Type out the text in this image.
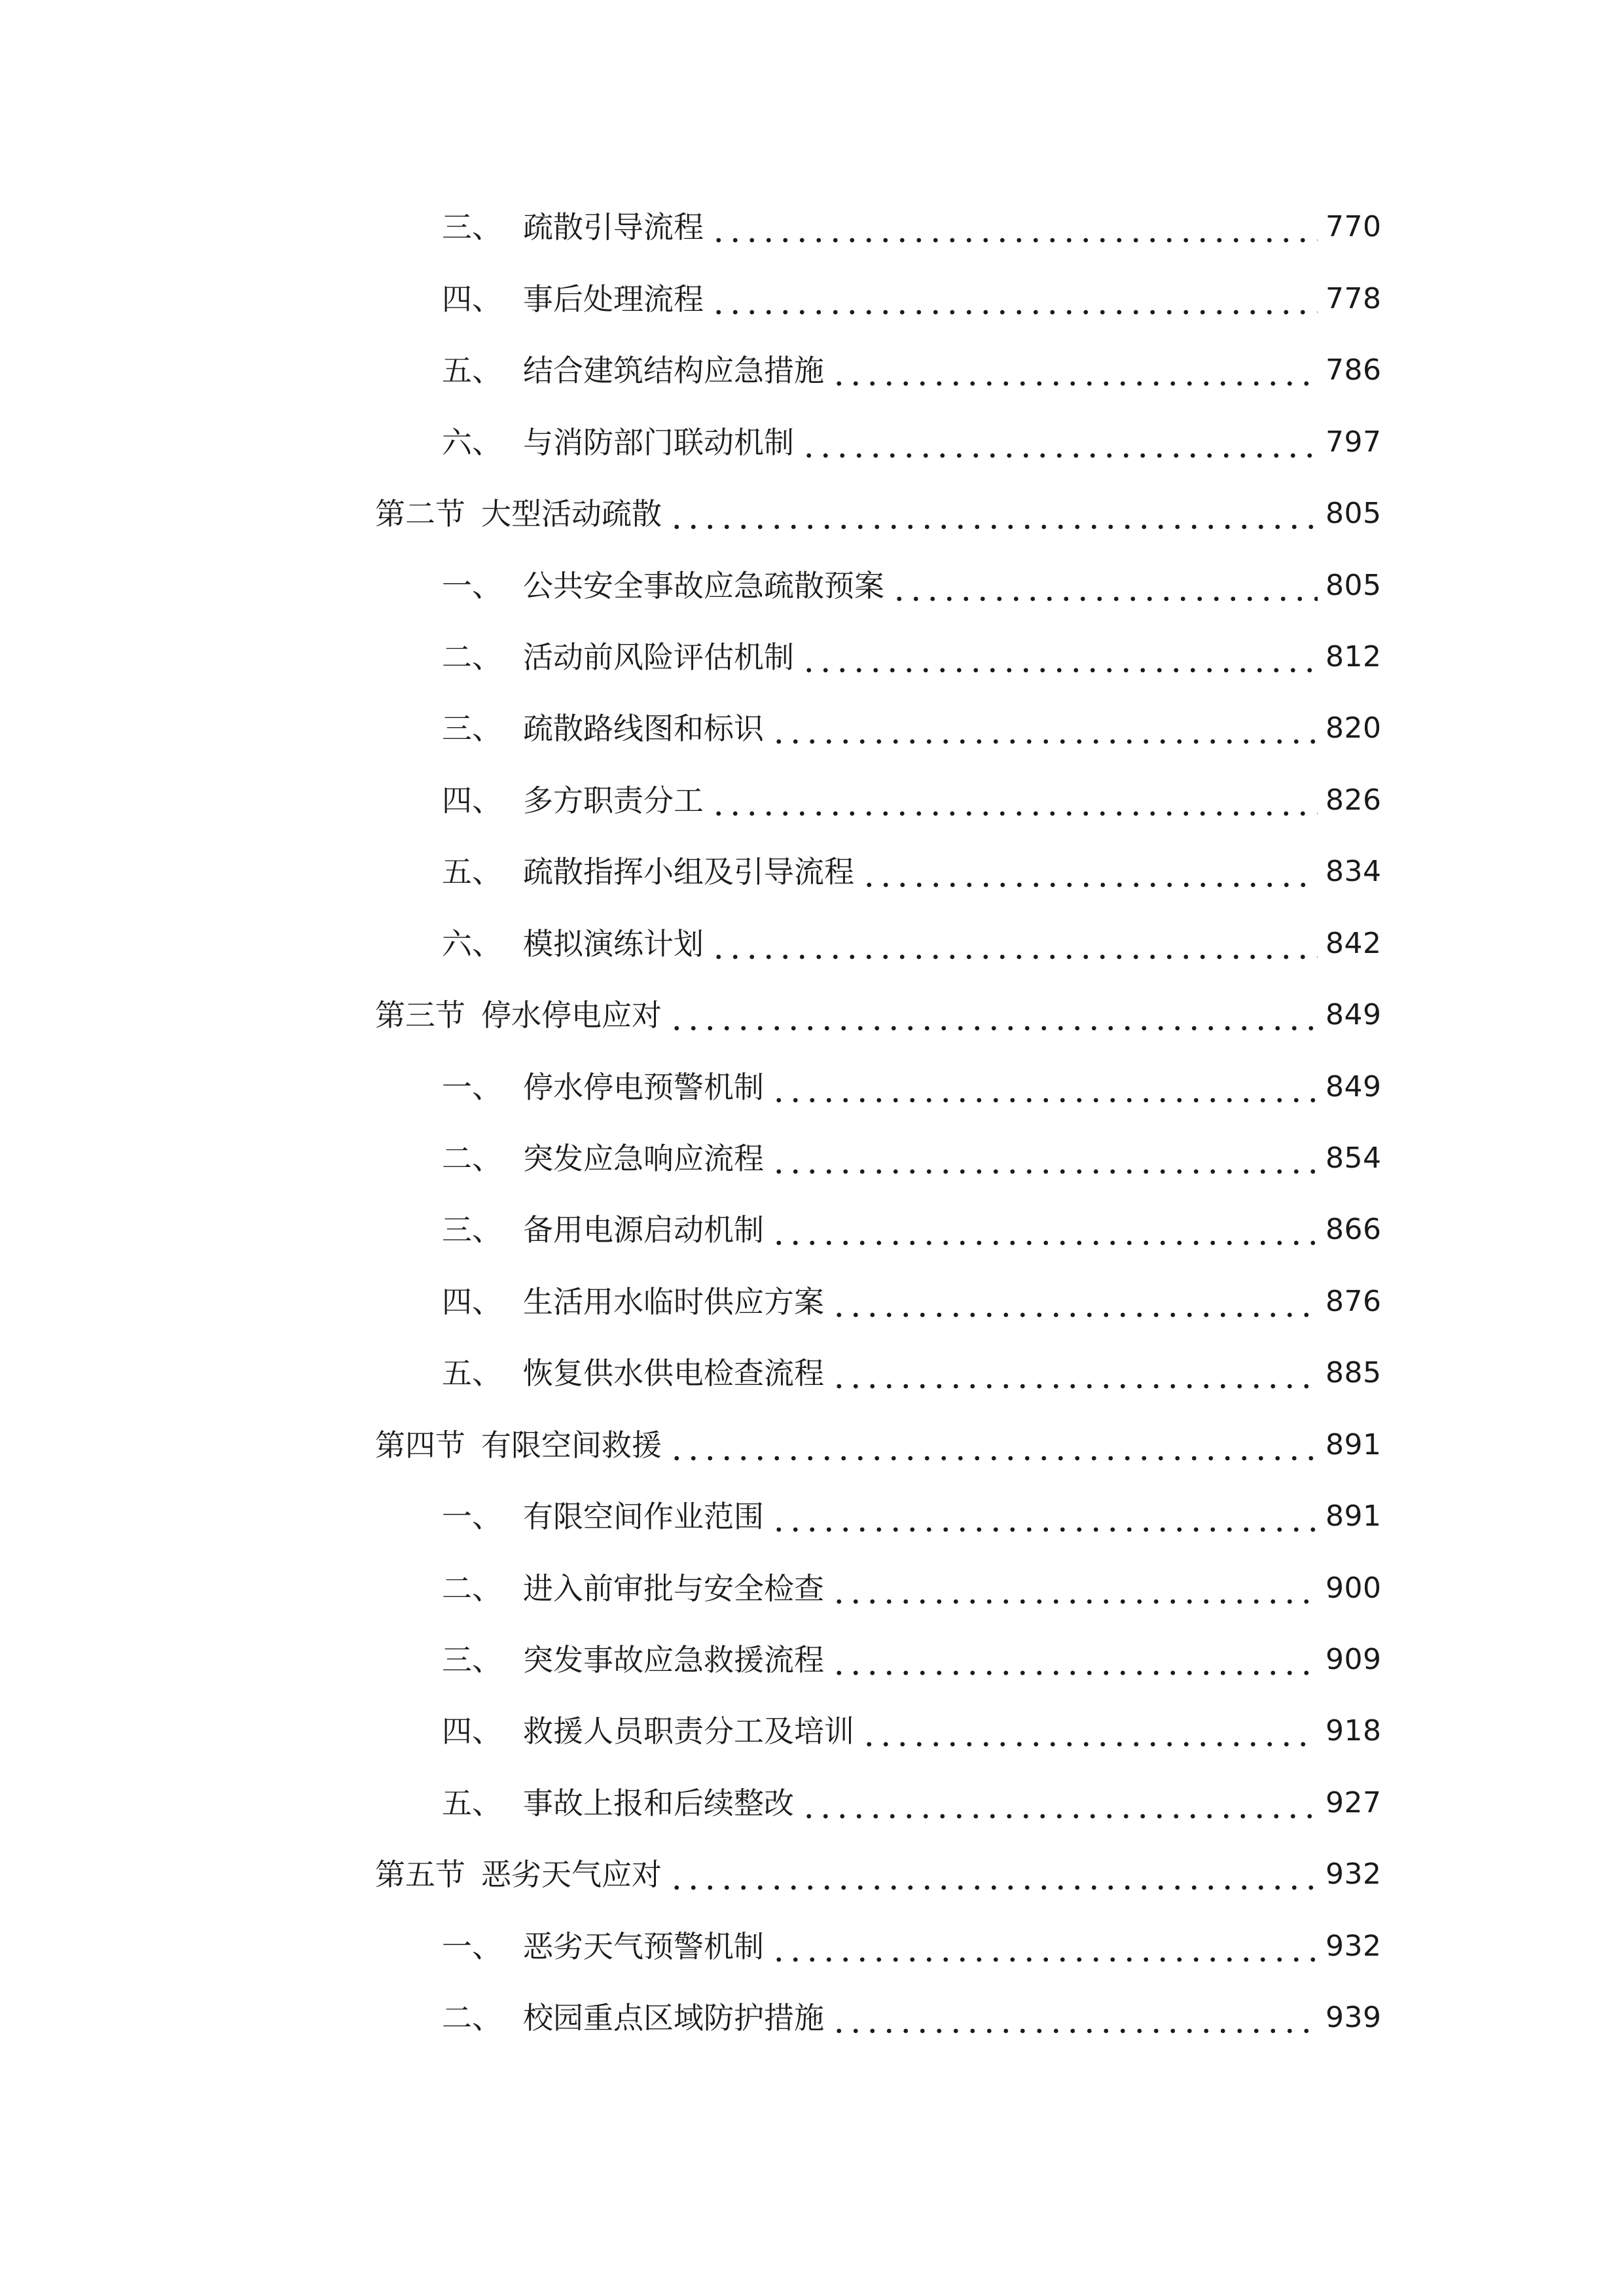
三、 疏散引导流程	770
四、 事后处理流程	778
五、 结合建筑结构应急措施	786
六、 与消防部门联动机制	797
第二节 大型活动疏散	805
一、 公共安全事故应急疏散预案	805
二、 活动前风险评估机制	812
三、 疏散路线图和标识	820
四、 多方职责分工	826
五、 疏散指挥小组及引导流程	834
六、 模拟演练计划	842
第三节 停水停电应对	849
一、 停水停电预警机制	849
二、 突发应急响应流程	854
三、 备用电源启动机制	866
四、 生活用水临时供应方案	876
五、 恢复供水供电检查流程	885
第四节 有限空间救援	891
一、 有限空间作业范围	891
二、 进入前审批与安全检查	900
三、 突发事故应急救援流程	909
四、 救援人员职责分工及培训	918
五、 事故上报和后续整改	927
第五节 恶劣天气应对	932
一、 恶劣天气预警机制	932
二、 校园重点区域防护措施	939
